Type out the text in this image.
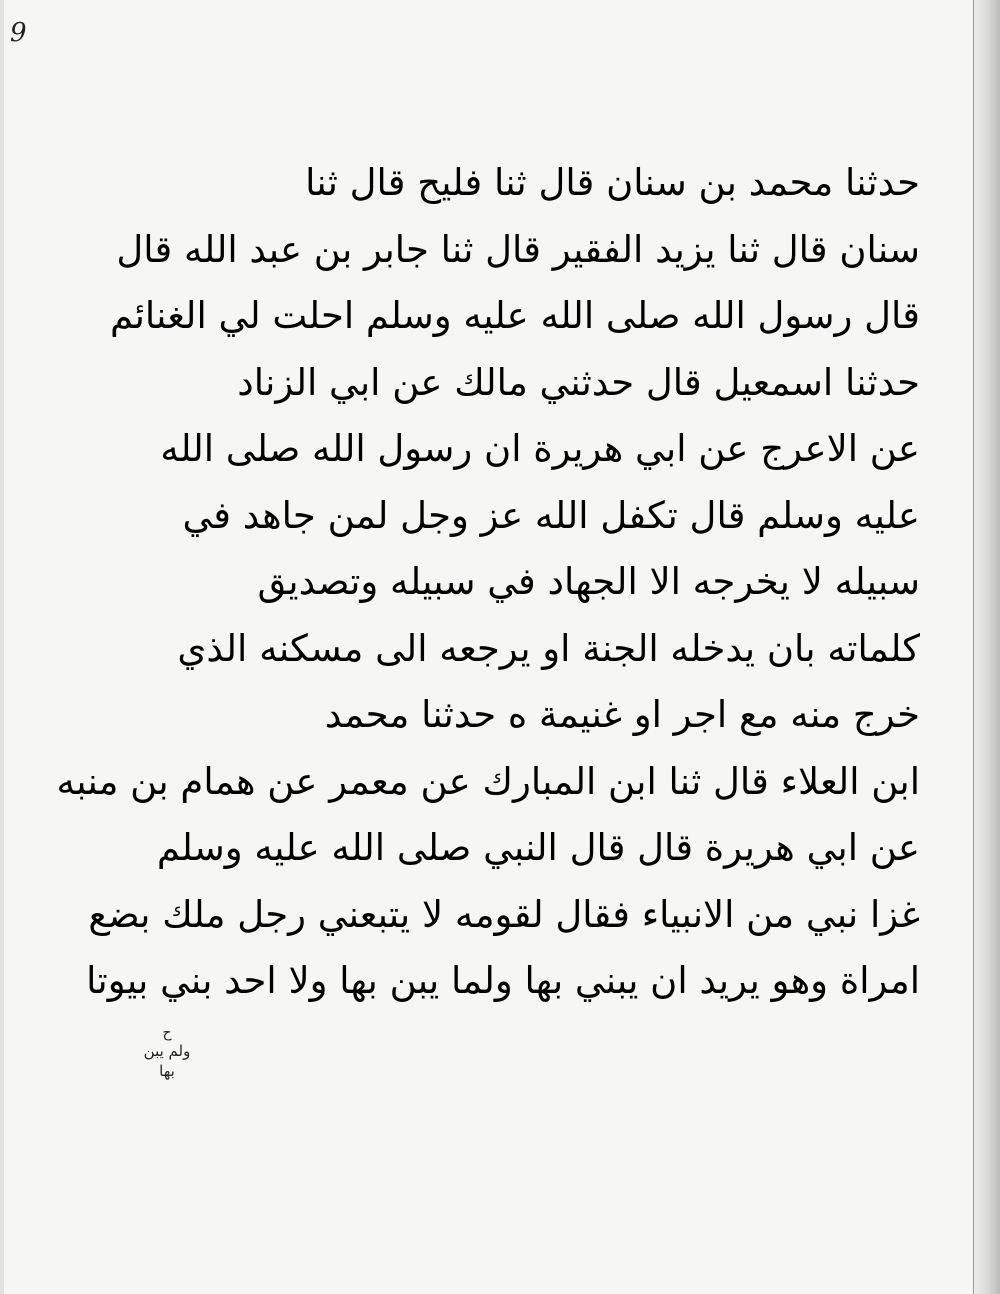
9
حدثنا محمد بن سنان قال ثنا فليح قال ثنا
سنان قال ثنا يزيد الفقير قال ثنا جابر بن عبد الله قال
قال رسول الله صلى الله عليه وسلم احلت لي الغنائم
حدثنا اسمعيل قال حدثني مالك عن ابي الزناد
عن الاعرج عن ابي هريرة ان رسول الله صلى الله
عليه وسلم قال تكفل الله عز وجل لمن جاهد في
سبيله لا يخرجه الا الجهاد في سبيله وتصديق
كلماته بان يدخله الجنة او يرجعه الى مسكنه الذي
خرج منه مع اجر او غنيمة ه حدثنا محمد
ابن العلاء قال ثنا ابن المبارك عن معمر عن همام بن منبه
عن ابي هريرة قال قال النبي صلى الله عليه وسلم
غزا نبي من الانبياء فقال لقومه لا يتبعني رجل ملك بضع
امراة وهو يريد ان يبني بها ولما يبن بها ولا احد بني بيوتا
ح
ولم يبن بها
